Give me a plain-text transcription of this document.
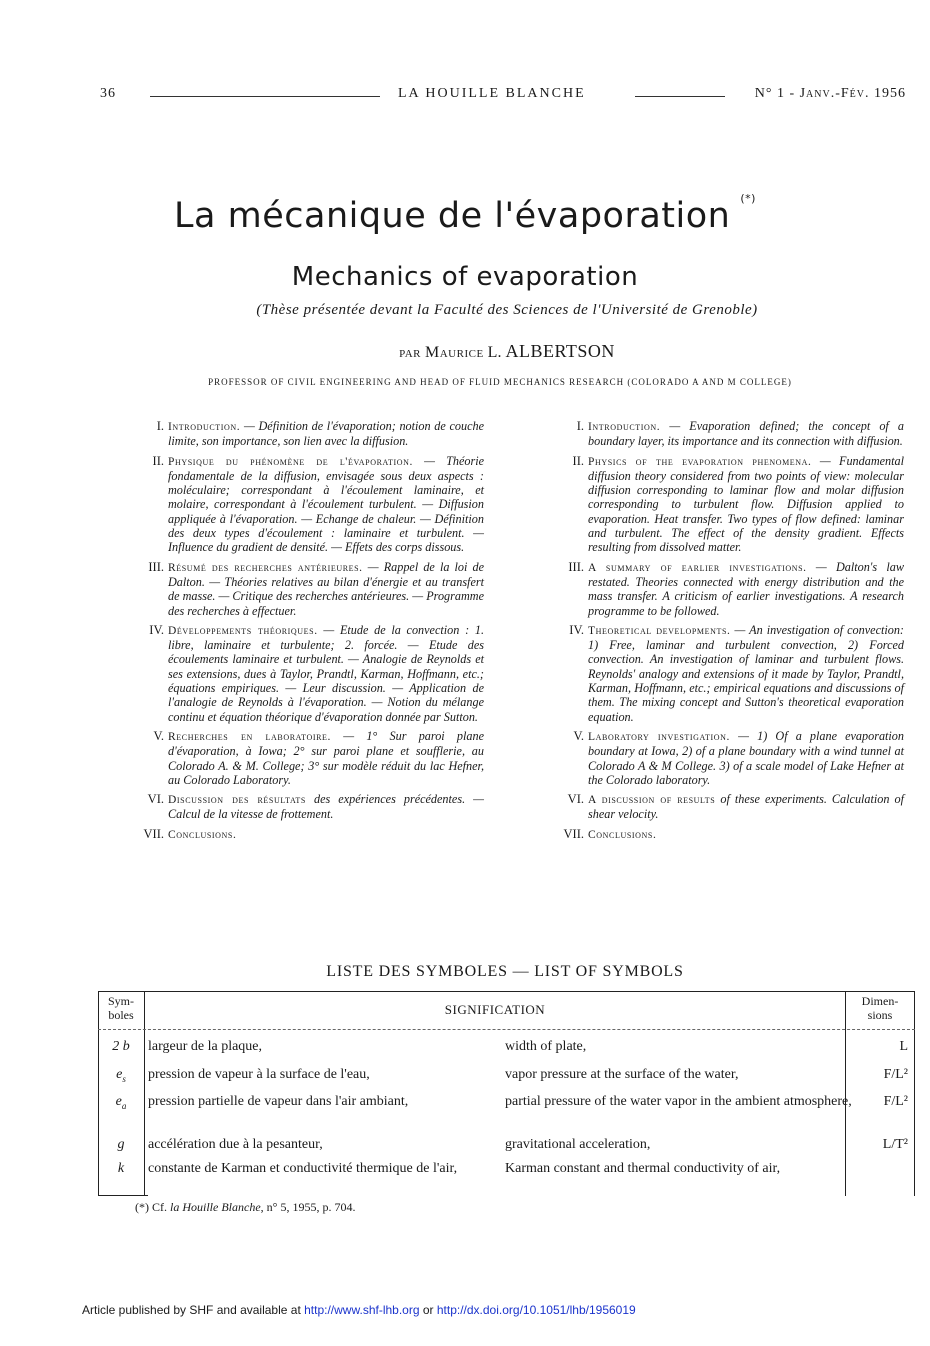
36	LA HOUILLE BLANCHE	N° 1 - Janv.-Fév. 1956
La mécanique de l'évaporation (*)
Mechanics of evaporation
(Thèse présentée devant la Faculté des Sciences de l'Université de Grenoble)
par Maurice L. ALBERTSON
PROFESSOR OF CIVIL ENGINEERING AND HEAD OF FLUID MECHANICS RESEARCH (COLORADO A AND M COLLEGE)
I. Introduction. — Définition de l'évaporation; notion de couche limite, son importance, son lien avec la diffusion.
II. Physique du phénomène de l'évaporation. — Théorie fondamentale de la diffusion, envisagée sous deux aspects : moléculaire; correspondant à l'écoulement laminaire, et molaire, correspondant à l'écoulement turbulent. — Diffusion appliquée à l'évaporation. — Echange de chaleur. — Définition des deux types d'écoulement : laminaire et turbulent. — Influence du gradient de densité. — Effets des corps dissous.
III. Résumé des recherches antérieures. — Rappel de la loi de Dalton. — Théories relatives au bilan d'énergie et au transfert de masse. — Critique des recherches antérieures. — Programme des recherches à effectuer.
IV. Développements théoriques. — Etude de la convection : 1. libre, laminaire et turbulente; 2. forcée. — Etude des écoulements laminaire et turbulent. — Analogie de Reynolds et ses extensions, dues à Taylor, Prandtl, Karman, Hoffmann, etc.; équations empiriques. — Leur discussion. — Application de l'analogie de Reynolds à l'évaporation. — Notion du mélange continu et équation théorique d'évaporation donnée par Sutton.
V. Recherches en laboratoire. — 1° Sur paroi plane d'évaporation, à Iowa; 2° sur paroi plane et soufflerie, au Colorado A. & M. College; 3° sur modèle réduit du lac Hefner, au Colorado Laboratory.
VI. Discussion des résultats des expériences précédentes. — Calcul de la vitesse de frottement.
VII. Conclusions.
I. Introduction. — Evaporation defined; the concept of a boundary layer, its importance and its connection with diffusion.
II. Physics of the evaporation phenomena. — Fundamental diffusion theory considered from two points of view: molecular diffusion corresponding to laminar flow and molar diffusion corresponding to turbulent flow. Diffusion applied to evaporation. Heat transfer. Two types of flow defined: laminar and turbulent. The effect of the density gradient. Effects resulting from dissolved matter.
III. A summary of earlier investigations. — Dalton's law restated. Theories connected with energy distribution and the mass transfer. A criticism of earlier investigations. A research programme to be followed.
IV. Theoretical developments. — An investigation of convection: 1) Free, laminar and turbulent convection, 2) Forced convection. An investigation of laminar and turbulent flows. Reynolds' analogy and extensions of it made by Taylor, Prandtl, Karman, Hoffmann, etc.; empirical equations and discussions of them. The mixing concept and Sutton's theoretical evaporation equation.
V. Laboratory investigation. — 1) Of a plane evaporation boundary at Iowa, 2) of a plane boundary with a wind tunnel at Colorado A & M College. 3) of a scale model of Lake Hefner at the Colorado laboratory.
VI. A discussion of results of these experiments. Calculation of shear velocity.
VII. Conclusions.
LISTE DES SYMBOLES — LIST OF SYMBOLS
Sym-
boles	SIGNIFICATION
Dimen-
sions
2 b	largeur de la plaque,	width of plate,	L
$e_s$	pression de vapeur à la surface de l'eau,	vapor pressure at the surface of the water,	F/L²
$e_a$	pression partielle de vapeur dans l'air ambiant,	partial pressure of the water vapor in the ambient atmosphere,	F/L²
g	accélération due à la pesanteur,	gravitational acceleration,	L/T²
k	constante de Karman et conductivité thermique de l'air,	Karman constant and thermal conductivity of air,
(*) Cf. la Houille Blanche, n° 5, 1955, p. 704.
Article published by SHF and available at http://www.shf-lhb.org or http://dx.doi.org/10.1051/lhb/1956019
